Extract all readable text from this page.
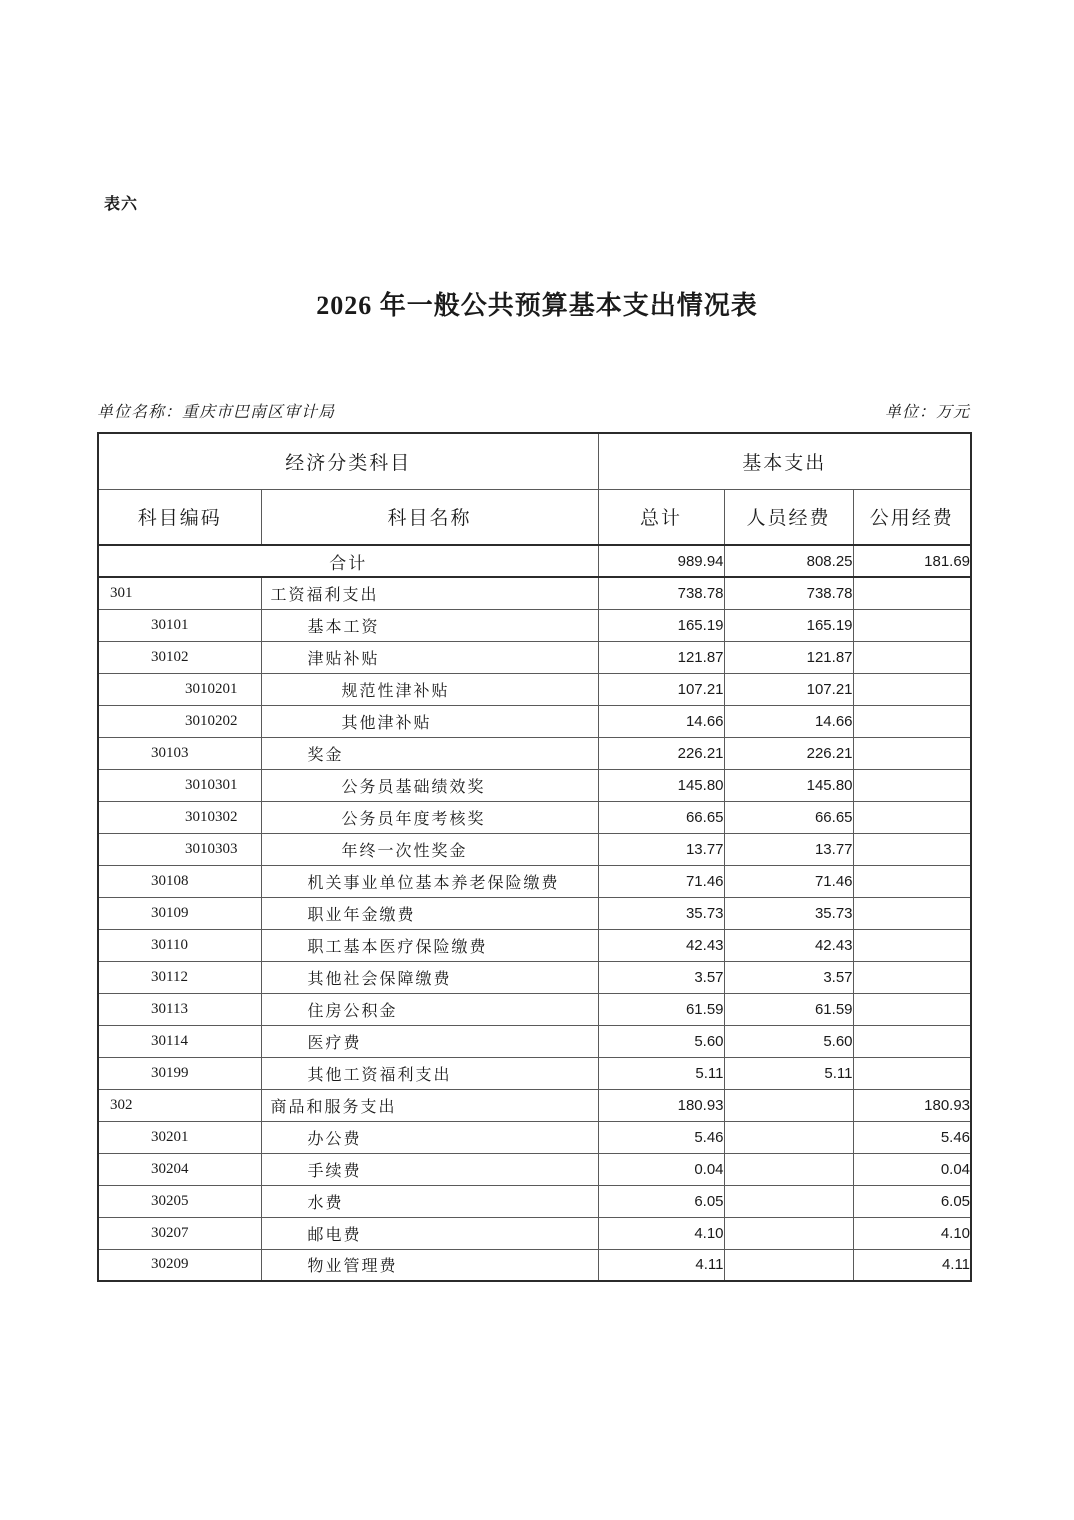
表六
2026 年一般公共预算基本支出情况表
单位名称：重庆市巴南区审计局	单位：万元
经济分类科目		基本支出		
科目编码	科目名称	总计	人员经费	公用经费
合计		989.94	808.25	181.69
301	工资福利支出	738.78	738.78	
30101	基本工资	165.19	165.19	
30102	津贴补贴	121.87	121.87	
3010201	规范性津补贴	107.21	107.21	
3010202	其他津补贴	14.66	14.66	
30103	奖金	226.21	226.21	
3010301	公务员基础绩效奖	145.80	145.80	
3010302	公务员年度考核奖	66.65	66.65	
3010303	年终一次性奖金	13.77	13.77	
30108	机关事业单位基本养老保险缴费	71.46	71.46	
30109	职业年金缴费	35.73	35.73	
30110	职工基本医疗保险缴费	42.43	42.43	
30112	其他社会保障缴费	3.57	3.57	
30113	住房公积金	61.59	61.59	
30114	医疗费	5.60	5.60	
30199	其他工资福利支出	5.11	5.11	
302	商品和服务支出	180.93		180.93
30201	办公费	5.46		5.46
30204	手续费	0.04		0.04
30205	水费	6.05		6.05
30207	邮电费	4.10		4.10
30209	物业管理费	4.11		4.11
